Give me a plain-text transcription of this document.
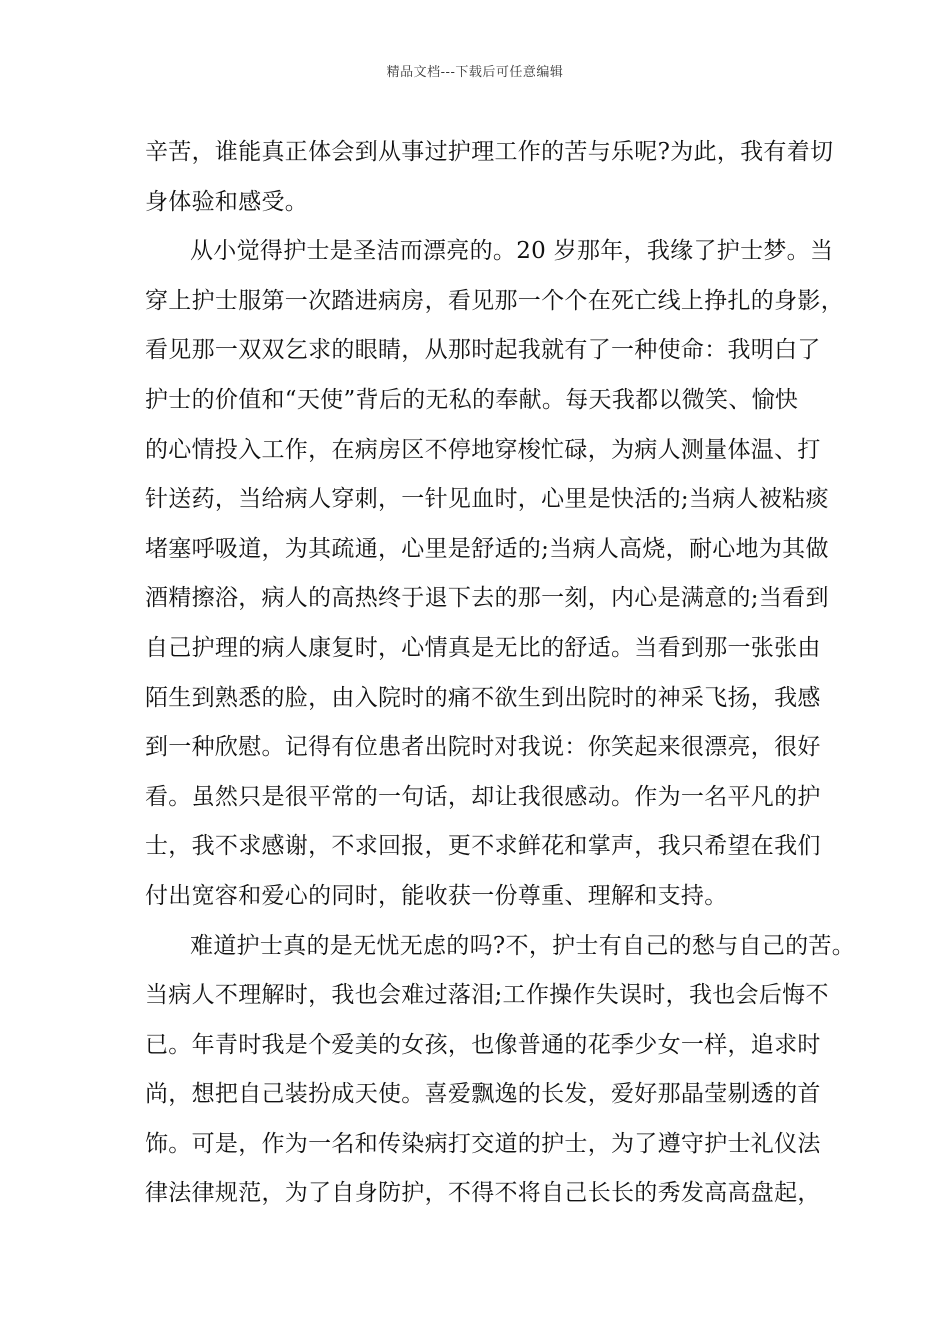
精品文档---下载后可任意编辑
辛苦，谁能真正体会到从事过护理工作的苦与乐呢?为此，我有着切
身体验和感受。
从小觉得护士是圣洁而漂亮的。20 岁那年，我缘了护士梦。当
穿上护士服第一次踏进病房，看见那一个个在死亡线上挣扎的身影，
看见那一双双乞求的眼睛，从那时起我就有了一种使命：我明白了
护士的价值和“天使”背后的无私的奉献。每天我都以微笑、愉快
的心情投入工作，在病房区不停地穿梭忙碌，为病人测量体温、打
针送药，当给病人穿刺，一针见血时，心里是快活的;当病人被粘痰
堵塞呼吸道，为其疏通，心里是舒适的;当病人高烧，耐心地为其做
酒精擦浴，病人的高热终于退下去的那一刻，内心是满意的;当看到
自己护理的病人康复时，心情真是无比的舒适。当看到那一张张由
陌生到熟悉的脸，由入院时的痛不欲生到出院时的神采飞扬，我感
到一种欣慰。记得有位患者出院时对我说：你笑起来很漂亮，很好
看。虽然只是很平常的一句话，却让我很感动。作为一名平凡的护
士，我不求感谢，不求回报，更不求鲜花和掌声，我只希望在我们
付出宽容和爱心的同时，能收获一份尊重、理解和支持。
难道护士真的是无忧无虑的吗?不，护士有自己的愁与自己的苦。
当病人不理解时，我也会难过落泪;工作操作失误时，我也会后悔不
已。年青时我是个爱美的女孩，也像普通的花季少女一样，追求时
尚，想把自己装扮成天使。喜爱飘逸的长发，爱好那晶莹剔透的首
饰。可是，作为一名和传染病打交道的护士，为了遵守护士礼仪法
律法律规范，为了自身防护，不得不将自己长长的秀发高高盘起，
